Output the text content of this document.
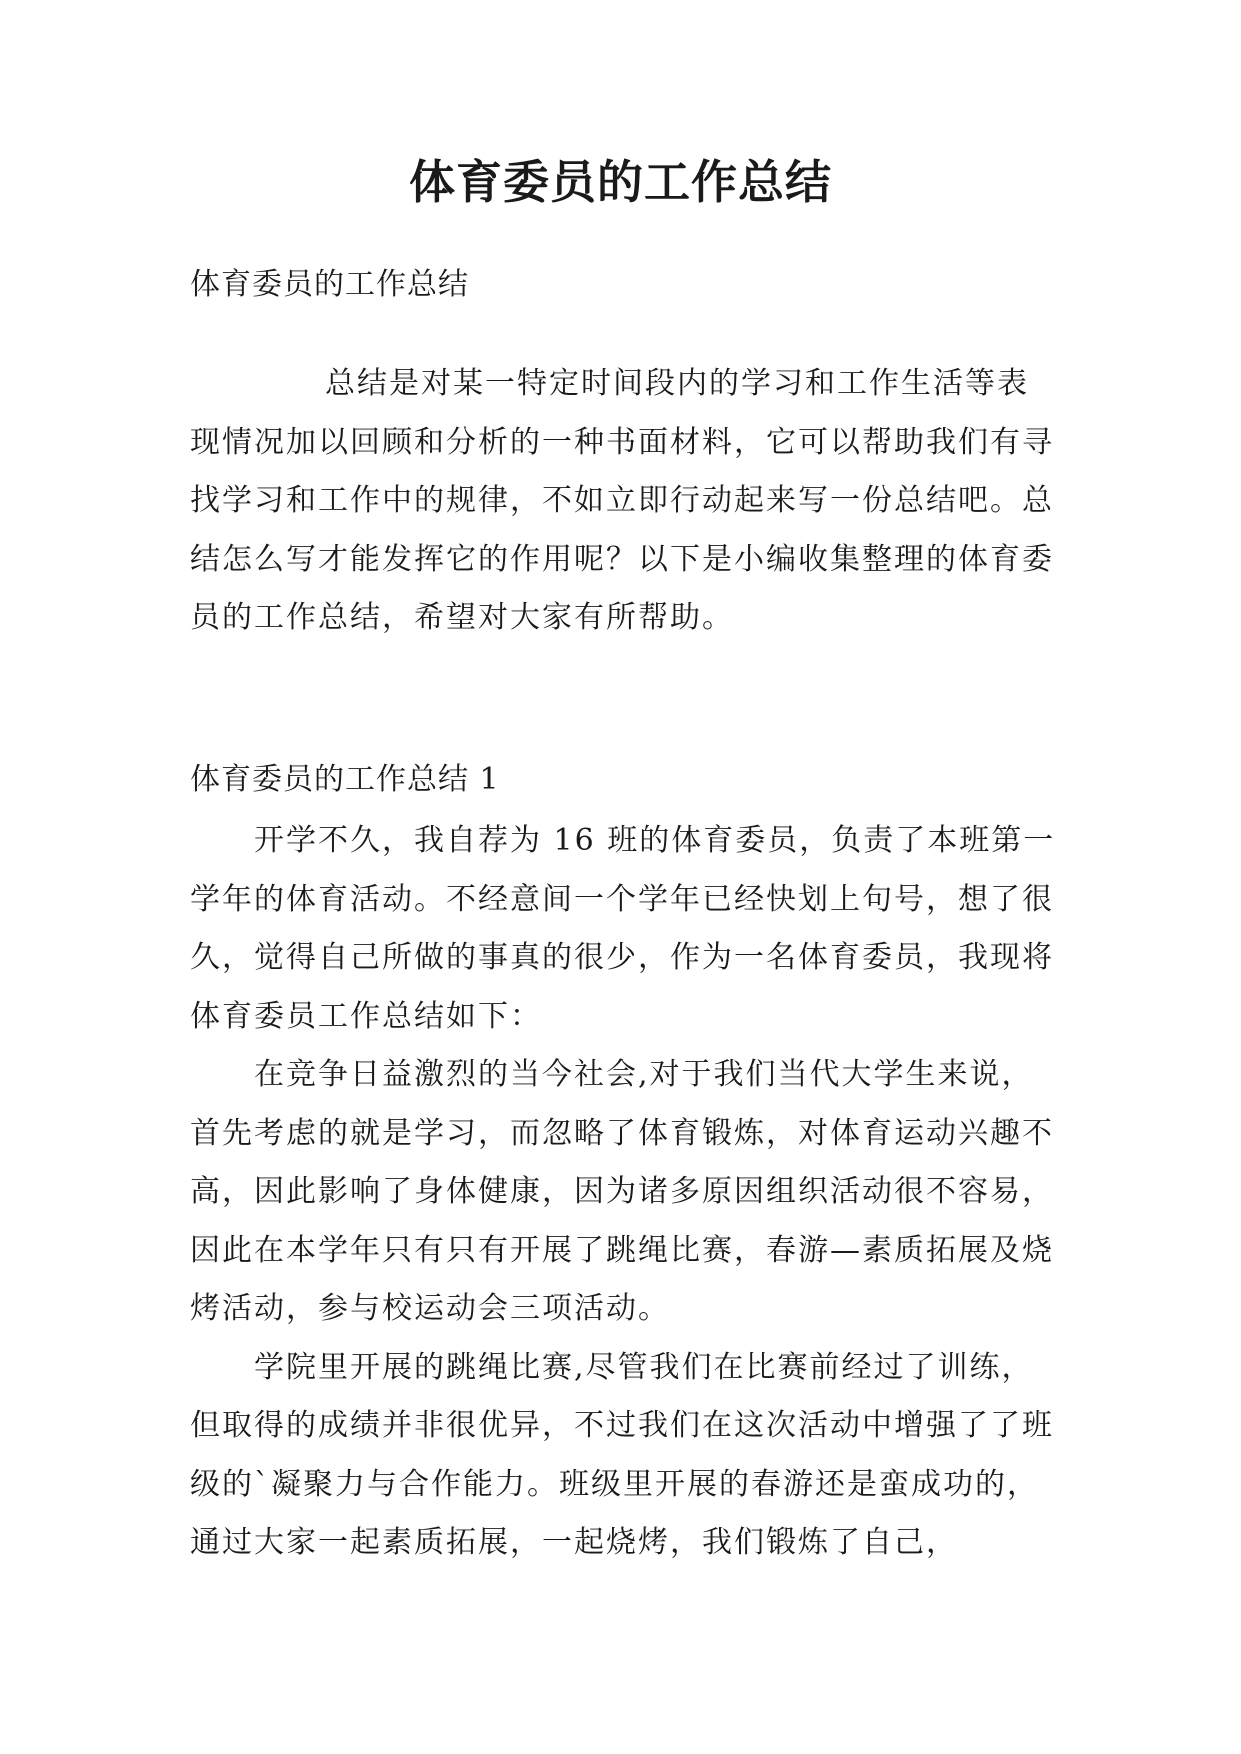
体育委员的工作总结

体育委员的工作总结

总结是对某一特定时间段内的学习和工作生活等表现情况加以回顾和分析的一种书面材料，它可以帮助我们有寻找学习和工作中的规律，不如立即行动起来写一份总结吧。总结怎么写才能发挥它的作用呢？以下是小编收集整理的体育委员的工作总结，希望对大家有所帮助。

体育委员的工作总结 1

开学不久，我自荐为 16 班的体育委员，负责了本班第一学年的体育活动。不经意间一个学年已经快划上句号，想了很久，觉得自己所做的事真的很少，作为一名体育委员，我现将体育委员工作总结如下：

在竞争日益激烈的当今社会,对于我们当代大学生来说，首先考虑的就是学习，而忽略了体育锻炼，对体育运动兴趣不高，因此影响了身体健康，因为诸多原因组织活动很不容易，因此在本学年只有只有开展了跳绳比赛，春游—素质拓展及烧烤活动，参与校运动会三项活动。

学院里开展的跳绳比赛,尽管我们在比赛前经过了训练，但取得的成绩并非很优异，不过我们在这次活动中增强了了班级的`凝聚力与合作能力。班级里开展的春游还是蛮成功的，通过大家一起素质拓展，一起烧烤，我们锻炼了自己，
